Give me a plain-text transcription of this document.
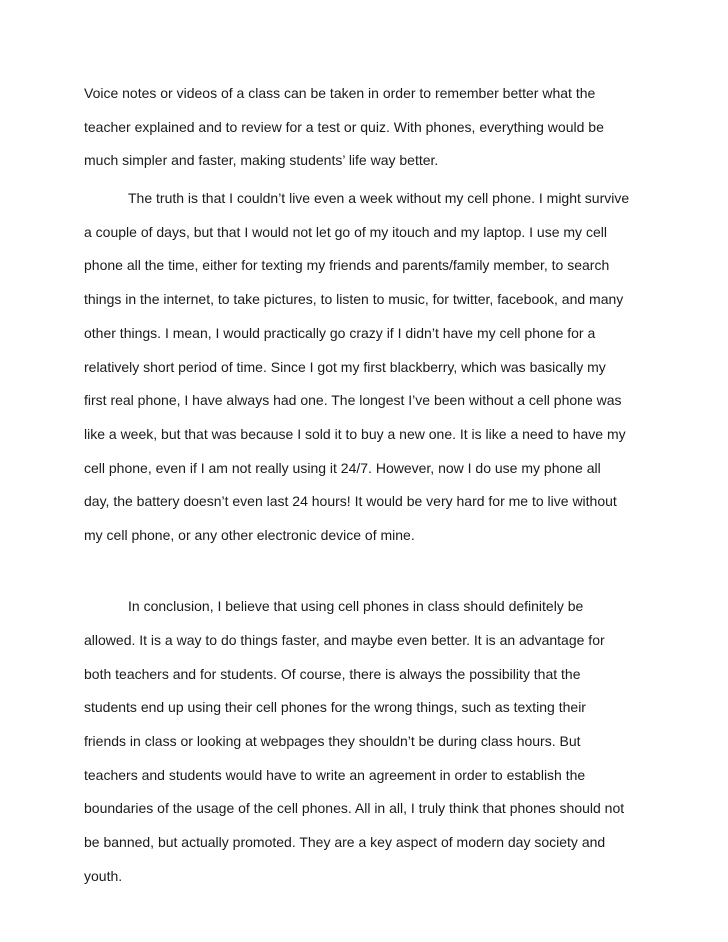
Voice notes or videos of a class can be taken in order to remember better what the
teacher explained and to review for a test or quiz. With phones, everything would be
much simpler and faster, making students’ life way better.
The truth is that I couldn’t live even a week without my cell phone. I might survive
a couple of days, but that I would not let go of my itouch and my laptop. I use my cell
phone all the time, either for texting my friends and parents/family member, to search
things in the internet, to take pictures, to listen to music, for twitter, facebook, and many
other things. I mean, I would practically go crazy if I didn’t have my cell phone for a
relatively short period of time. Since I got my first blackberry, which was basically my
first real phone, I have always had one. The longest I’ve been without a cell phone was
like a week, but that was because I sold it to buy a new one. It is like a need to have my
cell phone, even if I am not really using it 24/7. However, now I do use my phone all
day, the battery doesn’t even last 24 hours! It would be very hard for me to live without
my cell phone, or any other electronic device of mine.
In conclusion, I believe that using cell phones in class should definitely be
allowed. It is a way to do things faster, and maybe even better. It is an advantage for
both teachers and for students. Of course, there is always the possibility that the
students end up using their cell phones for the wrong things, such as texting their
friends in class or looking at webpages they shouldn’t be during class hours. But
teachers and students would have to write an agreement in order to establish the
boundaries of the usage of the cell phones. All in all, I truly think that phones should not
be banned, but actually promoted. They are a key aspect of modern day society and
youth.
